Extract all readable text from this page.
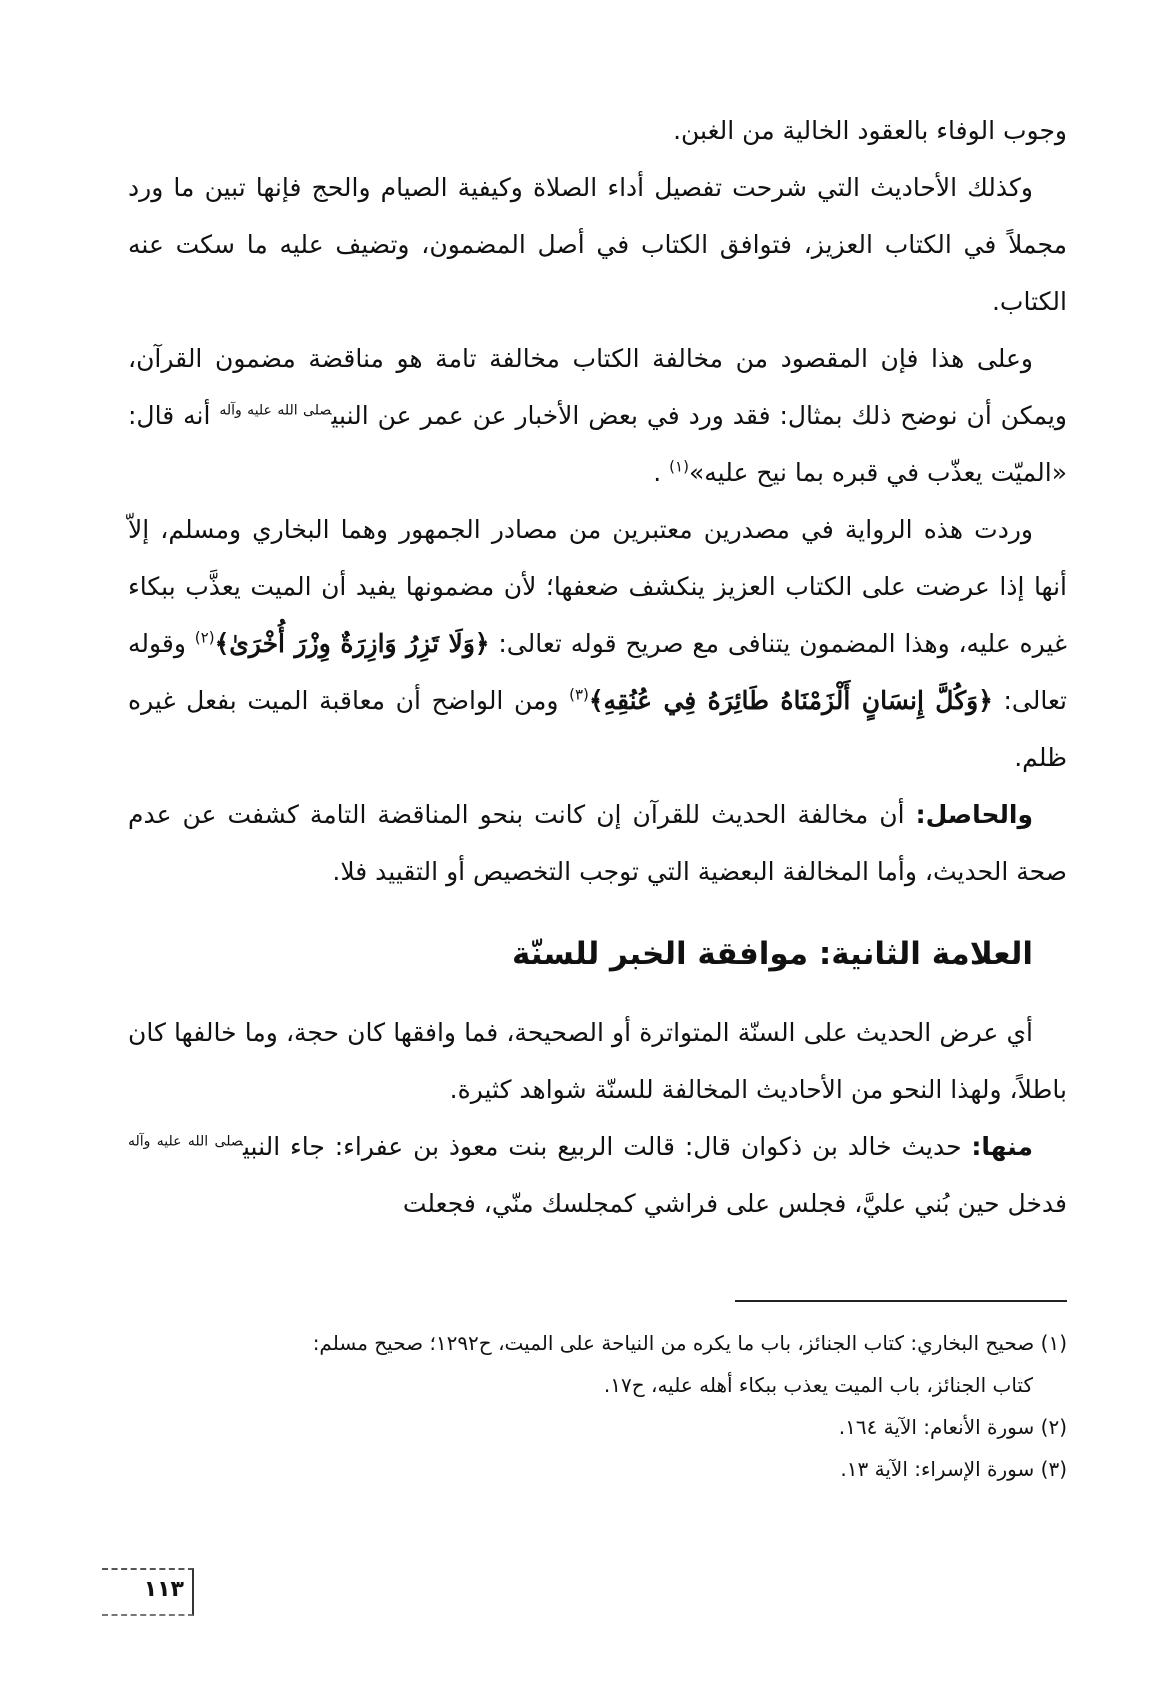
وجوب الوفاء بالعقود الخالية من الغبن.

وكذلك الأحاديث التي شرحت تفصيل أداء الصلاة وكيفية الصيام والحج فإنها تبين ما ورد مجملاً في الكتاب العزيز، فتوافق الكتاب في أصل المضمون، وتضيف عليه ما سكت عنه الكتاب.

وعلى هذا فإن المقصود من مخالفة الكتاب مخالفة تامة هو مناقضة مضمون القرآن، ويمكن أن نوضح ذلك بمثال: فقد ورد في بعض الأخبار عن عمر عن النبي$^{صلى الله عليه وآله}$ أنه قال: «الميّت يعذّب في قبره بما نيح عليه»$^{(١)}$ .

وردت هذه الرواية في مصدرين معتبرين من مصادر الجمهور وهما البخاري ومسلم، إلاّ أنها إذا عرضت على الكتاب العزيز ينكشف ضعفها؛ لأن مضمونها يفيد أن الميت يعذَّب ببكاء غيره عليه، وهذا المضمون يتنافى مع صريح قوله تعالى: ﴿وَلَا تَزِرُ وَازِرَةٌ وِزْرَ أُخْرَىٰ﴾$^{(٢)}$ وقوله تعالى: ﴿وَكُلَّ إِنسَانٍ أَلْزَمْنَاهُ طَائِرَهُ فِي عُنُقِهِ﴾$^{(٣)}$ ومن الواضح أن معاقبة الميت بفعل غيره ظلم.

والحاصل: أن مخالفة الحديث للقرآن إن كانت بنحو المناقضة التامة كشفت عن عدم صحة الحديث، وأما المخالفة البعضية التي توجب التخصيص أو التقييد فلا.

العلامة الثانية: موافقة الخبر للسنّة

أي عرض الحديث على السنّة المتواترة أو الصحيحة، فما وافقها كان حجة، وما خالفها كان باطلاً، ولهذا النحو من الأحاديث المخالفة للسنّة شواهد كثيرة.

منها: حديث خالد بن ذكوان قال: قالت الربيع بنت معوذ بن عفراء: جاء النبي$^{صلى الله عليه وآله}$ فدخل حين بُني عليَّ، فجلس على فراشي كمجلسك منّي، فجعلت

(١) صحيح البخاري: كتاب الجنائز، باب ما يكره من النياحة على الميت، ح١٢٩٢؛ صحيح مسلم:

كتاب الجنائز، باب الميت يعذب ببكاء أهله عليه، ح١٧.

(٢) سورة الأنعام: الآية ١٦٤.

(٣) سورة الإسراء: الآية ١٣.

١١٣
